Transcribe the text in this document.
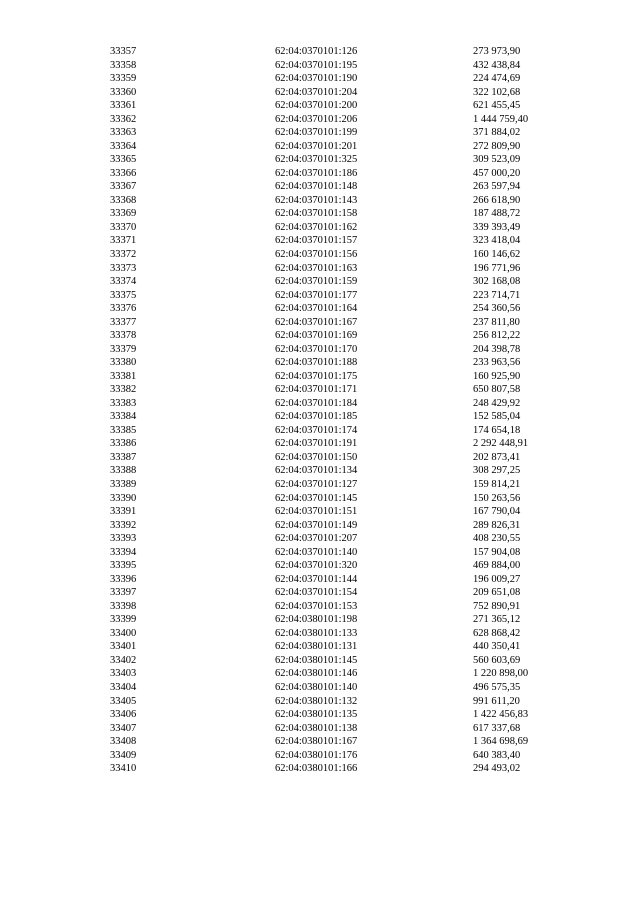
33357	62:04:0370101:126	273 973,90
33358	62:04:0370101:195	432 438,84
33359	62:04:0370101:190	224 474,69
33360	62:04:0370101:204	322 102,68
33361	62:04:0370101:200	621 455,45
33362	62:04:0370101:206	1 444 759,40
33363	62:04:0370101:199	371 884,02
33364	62:04:0370101:201	272 809,90
33365	62:04:0370101:325	309 523,09
33366	62:04:0370101:186	457 000,20
33367	62:04:0370101:148	263 597,94
33368	62:04:0370101:143	266 618,90
33369	62:04:0370101:158	187 488,72
33370	62:04:0370101:162	339 393,49
33371	62:04:0370101:157	323 418,04
33372	62:04:0370101:156	160 146,62
33373	62:04:0370101:163	196 771,96
33374	62:04:0370101:159	302 168,08
33375	62:04:0370101:177	223 714,71
33376	62:04:0370101:164	254 360,56
33377	62:04:0370101:167	237 811,80
33378	62:04:0370101:169	256 812,22
33379	62:04:0370101:170	204 398,78
33380	62:04:0370101:188	233 963,56
33381	62:04:0370101:175	160 925,90
33382	62:04:0370101:171	650 807,58
33383	62:04:0370101:184	248 429,92
33384	62:04:0370101:185	152 585,04
33385	62:04:0370101:174	174 654,18
33386	62:04:0370101:191	2 292 448,91
33387	62:04:0370101:150	202 873,41
33388	62:04:0370101:134	308 297,25
33389	62:04:0370101:127	159 814,21
33390	62:04:0370101:145	150 263,56
33391	62:04:0370101:151	167 790,04
33392	62:04:0370101:149	289 826,31
33393	62:04:0370101:207	408 230,55
33394	62:04:0370101:140	157 904,08
33395	62:04:0370101:320	469 884,00
33396	62:04:0370101:144	196 009,27
33397	62:04:0370101:154	209 651,08
33398	62:04:0370101:153	752 890,91
33399	62:04:0380101:198	271 365,12
33400	62:04:0380101:133	628 868,42
33401	62:04:0380101:131	440 350,41
33402	62:04:0380101:145	560 603,69
33403	62:04:0380101:146	1 220 898,00
33404	62:04:0380101:140	496 575,35
33405	62:04:0380101:132	991 611,20
33406	62:04:0380101:135	1 422 456,83
33407	62:04:0380101:138	617 337,68
33408	62:04:0380101:167	1 364 698,69
33409	62:04:0380101:176	640 383,40
33410	62:04:0380101:166	294 493,02
